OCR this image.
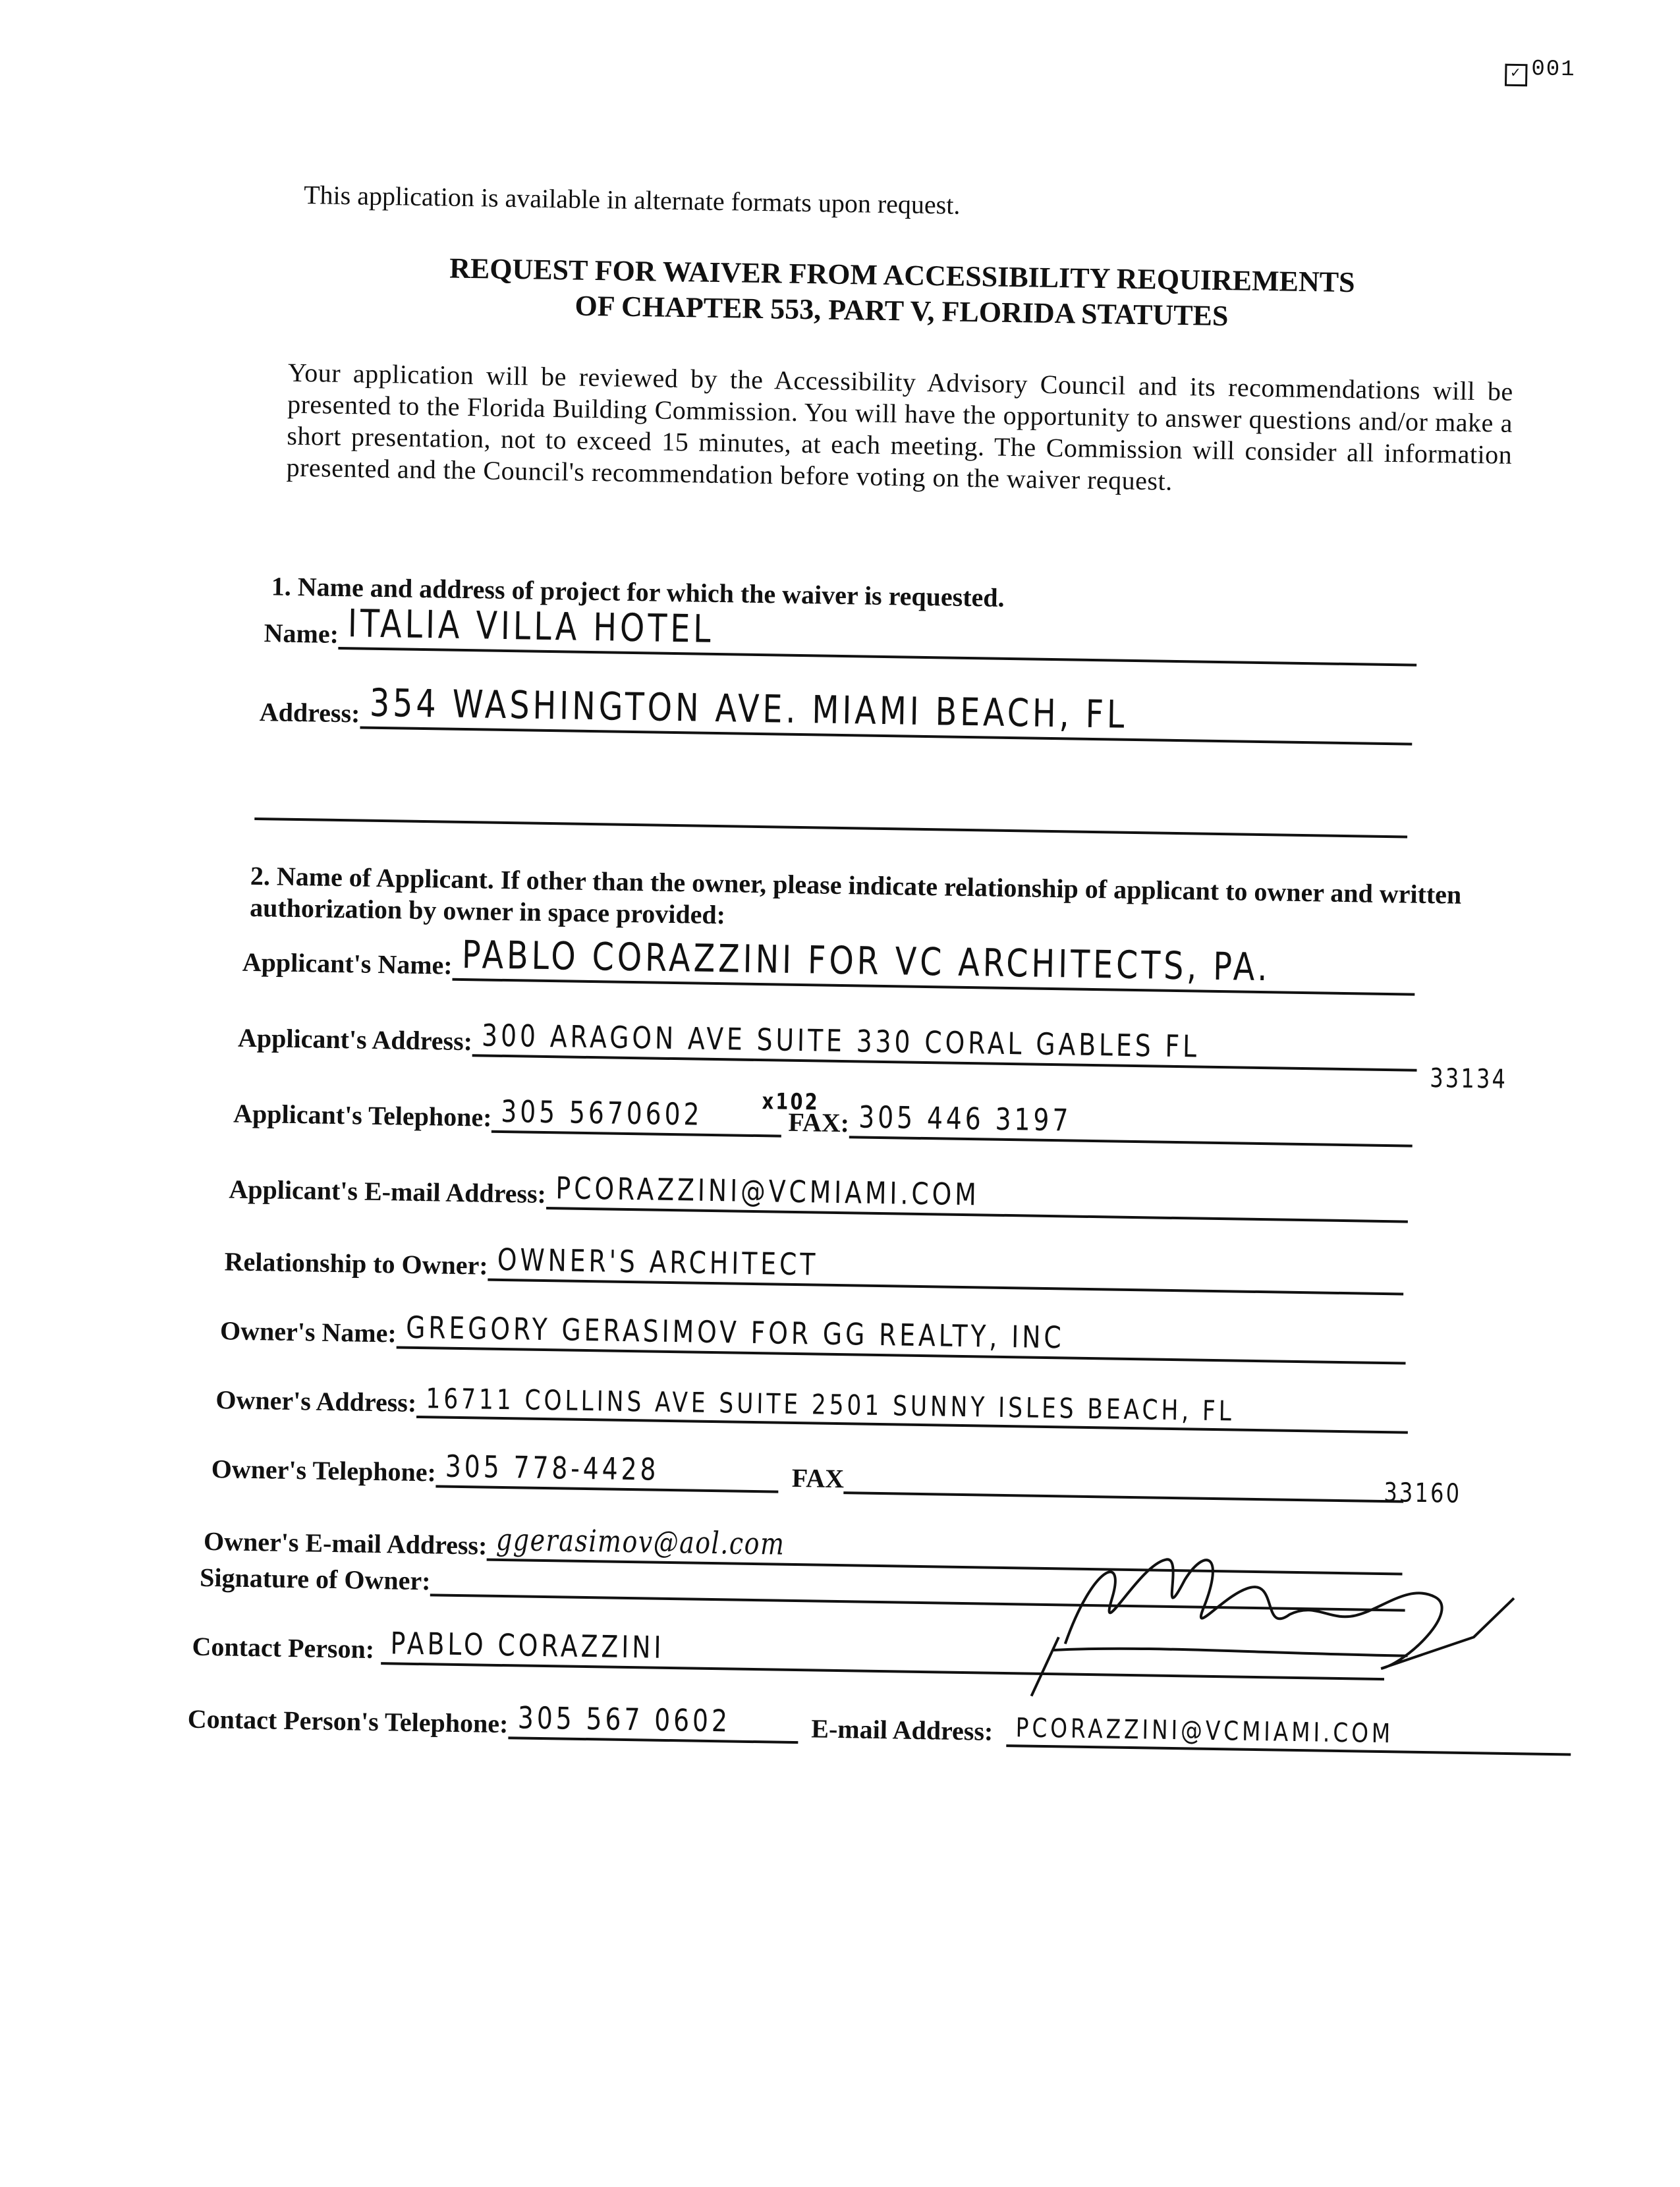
✓ 001
This application is available in alternate formats upon request.
REQUEST FOR WAIVER FROM ACCESSIBILITY REQUIREMENTS
OF CHAPTER 553, PART V, FLORIDA STATUTES
Your application will be reviewed by the Accessibility Advisory Council and its recommendations will be presented to the Florida Building Commission. You will have the opportunity to answer questions and/or make a short presentation, not to exceed 15 minutes, at each meeting. The Commission will consider all information presented and the Council's recommendation before voting on the waiver request.
1. Name and address of project for which the waiver is requested.
Name: ITALIA VILLA HOTEL
Address: 354 WASHINGTON AVE. MIAMI BEACH, FL
2. Name of Applicant. If other than the owner, please indicate relationship of applicant to owner and written authorization by owner in space provided:
Applicant's Name: PABLO CORAZZINI FOR VC ARCHITECTS, PA.
Applicant's Address: 300 ARAGON AVE SUITE 330 CORAL GABLES FL
33134
Applicant's Telephone: 305 5670602	x102
FAX: 305 446 3197
Applicant's E-mail Address: PCORAZZINI@VCMIAMI.COM
Relationship to Owner: OWNER'S ARCHITECT
Owner's Name: GREGORY GERASIMOV FOR GG REALTY, INC
Owner's Address: 16711 COLLINS AVE SUITE 2501 SUNNY ISLES BEACH, FL
33160
Owner's Telephone: 305 778-4428	FAX
Owner's E-mail Address: ggerasimov@aol.com
Signature of Owner:
Contact Person: PABLO CORAZZINI
Contact Person's Telephone: 305 567 0602	E-mail Address: PCORAZZINI@VCMIAMI.COM
